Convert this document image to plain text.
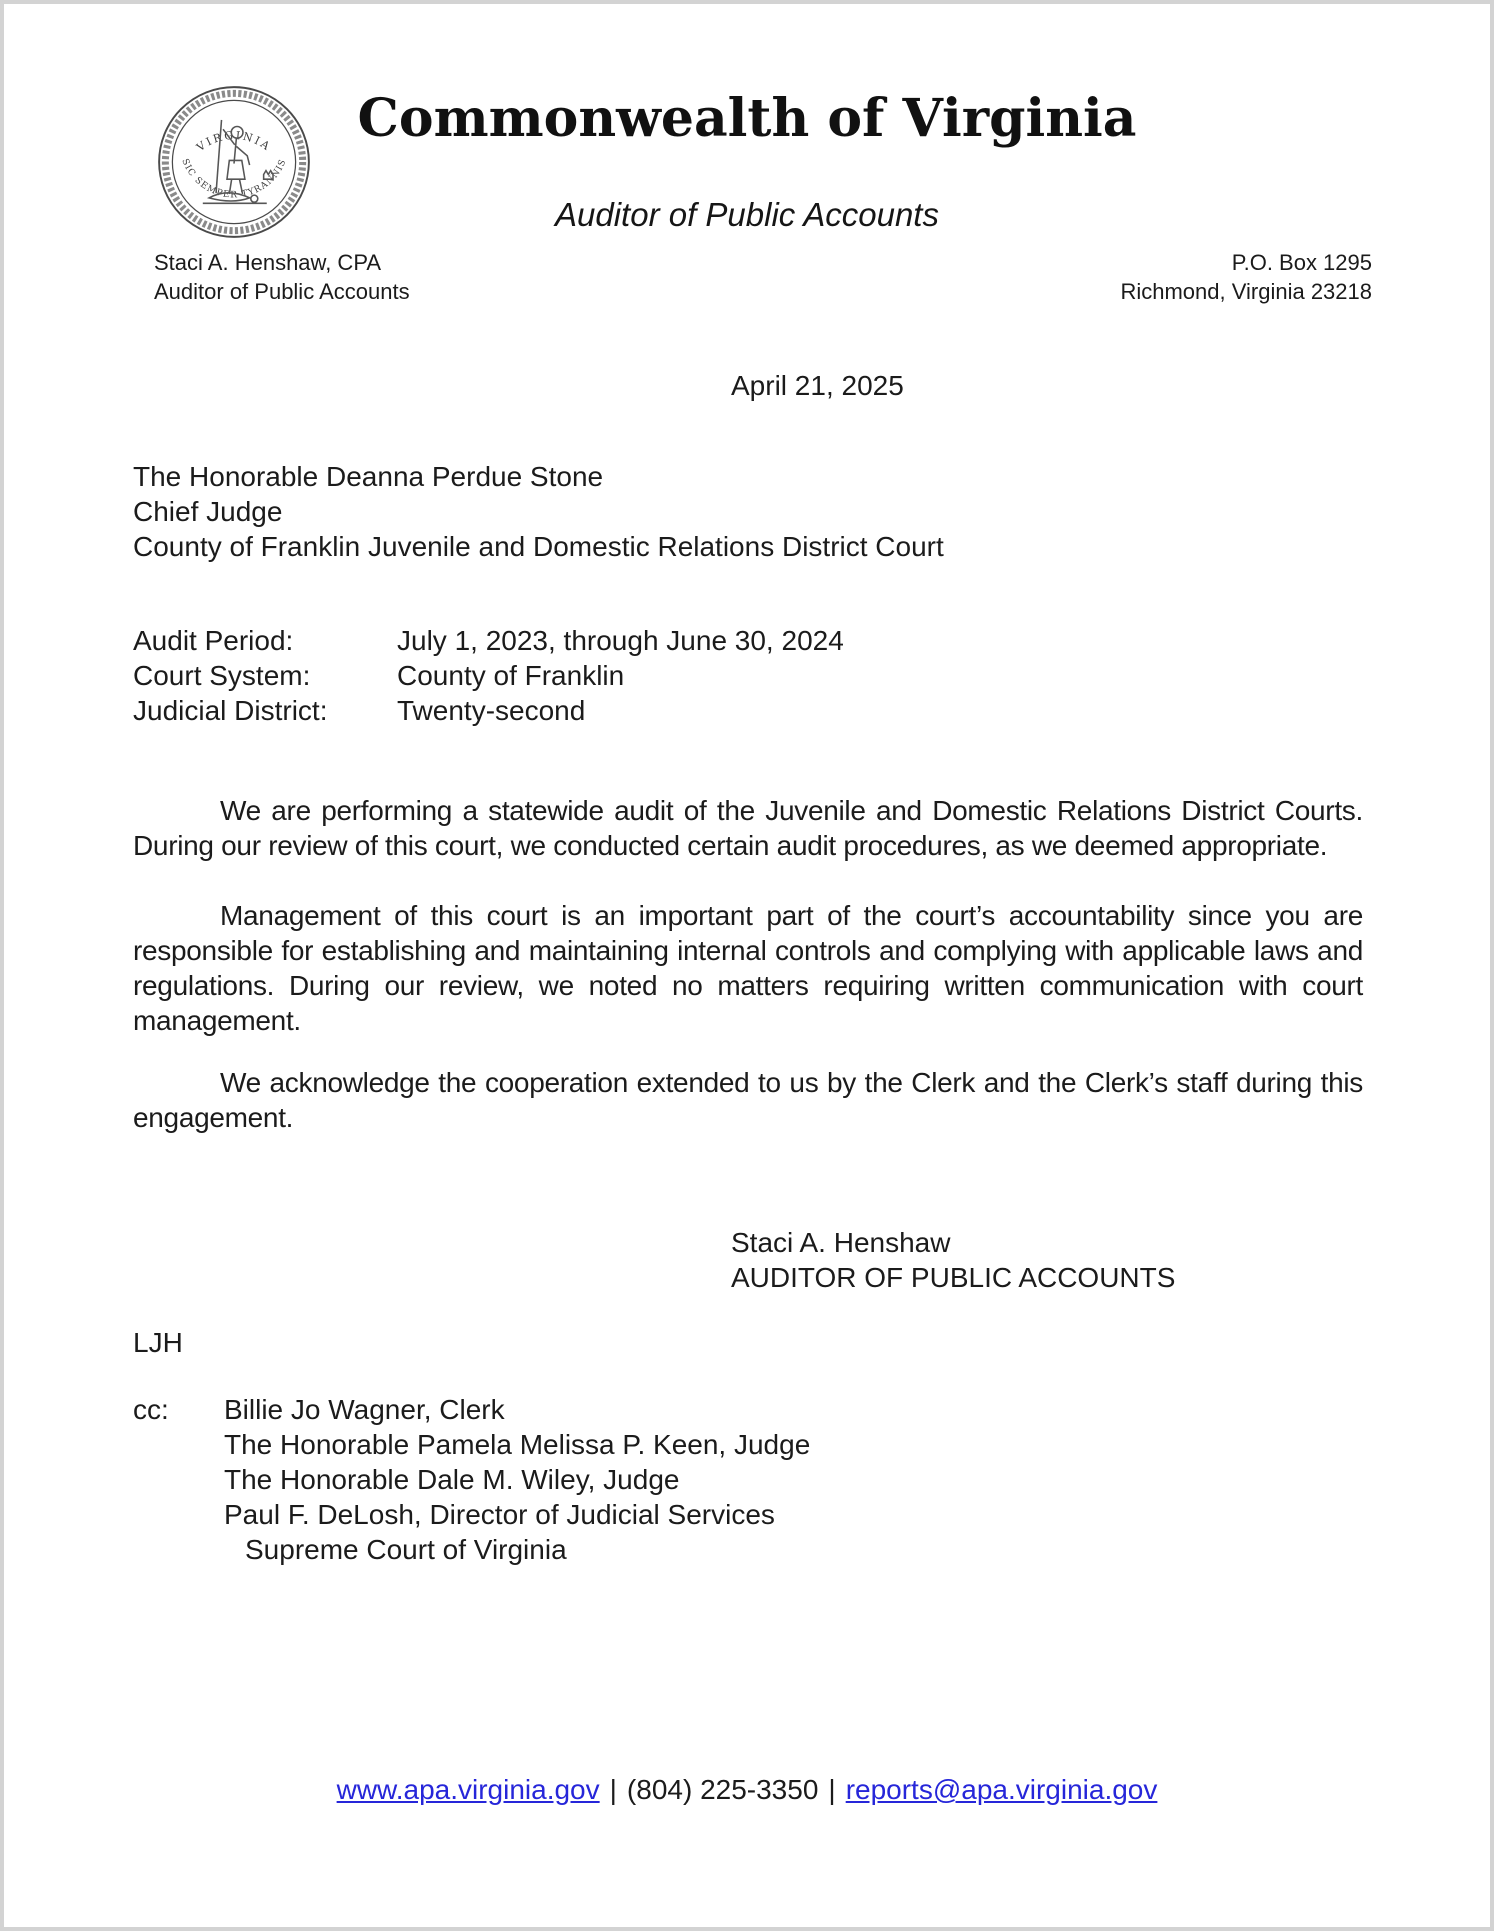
VIRGINIA
SIC SEMPER TYRANNIS
Commonwealth of Virginia
Auditor of Public Accounts
Staci A. Henshaw, CPA
Auditor of Public Accounts
P.O. Box 1295
Richmond, Virginia 23218
April 21, 2025
The Honorable Deanna Perdue Stone
Chief Judge
County of Franklin Juvenile and Domestic Relations District Court
Audit Period:	July 1, 2023, through June 30, 2024
Court System:	County of Franklin
Judicial District:	Twenty-second
We are performing a statewide audit of the Juvenile and Domestic Relations District Courts. During our review of this court, we conducted certain audit procedures, as we deemed appropriate.
Management of this court is an important part of the court’s accountability since you are responsible for establishing and maintaining internal controls and complying with applicable laws and regulations. During our review, we noted no matters requiring written communication with court management.
We acknowledge the cooperation extended to us by the Clerk and the Clerk’s staff during this engagement.
Staci A. Henshaw
AUDITOR OF PUBLIC ACCOUNTS
LJH
cc:	Billie Jo Wagner, Clerk
The Honorable Pamela Melissa P. Keen, Judge
The Honorable Dale M. Wiley, Judge
Paul F. DeLosh, Director of Judicial Services
Supreme Court of Virginia
www.apa.virginia.gov | (804) 225-3350 | reports@apa.virginia.gov
